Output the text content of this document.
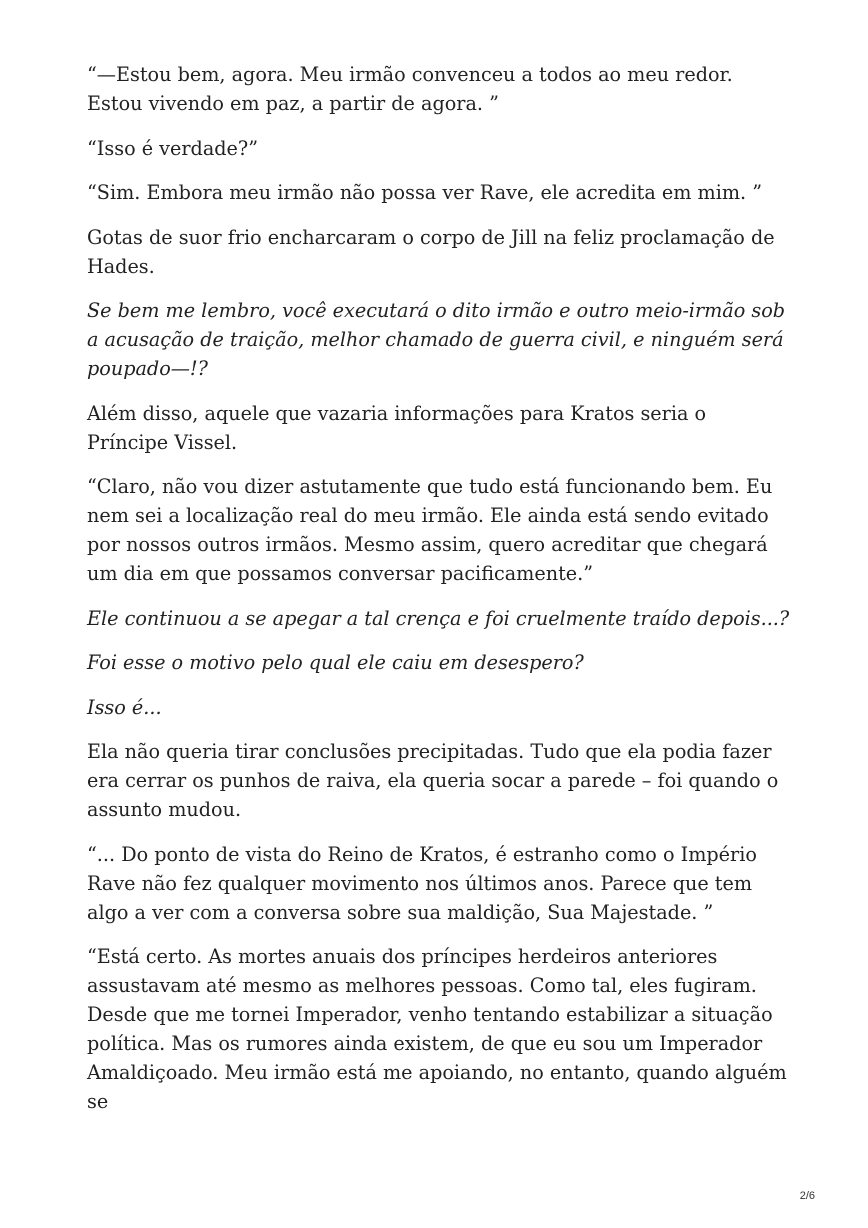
“—Estou bem, agora. Meu irmão convenceu a todos ao meu redor. Estou vivendo em paz, a partir de agora. ”

“Isso é verdade?”

“Sim. Embora meu irmão não possa ver Rave, ele acredita em mim. ”

Gotas de suor frio encharcaram o corpo de Jill na feliz proclamação de Hades.

Se bem me lembro, você executará o dito irmão e outro meio-irmão sob a acusação de traição, melhor chamado de guerra civil, e ninguém será poupado—!?

Além disso, aquele que vazaria informações para Kratos seria o Príncipe Vissel.

“Claro, não vou dizer astutamente que tudo está funcionando bem. Eu nem sei a localização real do meu irmão. Ele ainda está sendo evitado por nossos outros irmãos. Mesmo assim, quero acreditar que chegará um dia em que possamos conversar pacificamente.”

Ele continuou a se apegar a tal crença e foi cruelmente traído depois...?

Foi esse o motivo pelo qual ele caiu em desespero?

Isso é...

Ela não queria tirar conclusões precipitadas. Tudo que ela podia fazer era cerrar os punhos de raiva, ela queria socar a parede – foi quando o assunto mudou.

“... Do ponto de vista do Reino de Kratos, é estranho como o Império Rave não fez qualquer movimento nos últimos anos. Parece que tem algo a ver com a conversa sobre sua maldição, Sua Majestade. ”

“Está certo. As mortes anuais dos príncipes herdeiros anteriores assustavam até mesmo as melhores pessoas. Como tal, eles fugiram. Desde que me tornei Imperador, venho tentando estabilizar a situação política. Mas os rumores ainda existem, de que eu sou um Imperador Amaldiçoado. Meu irmão está me apoiando, no entanto, quando alguém se

2/6
